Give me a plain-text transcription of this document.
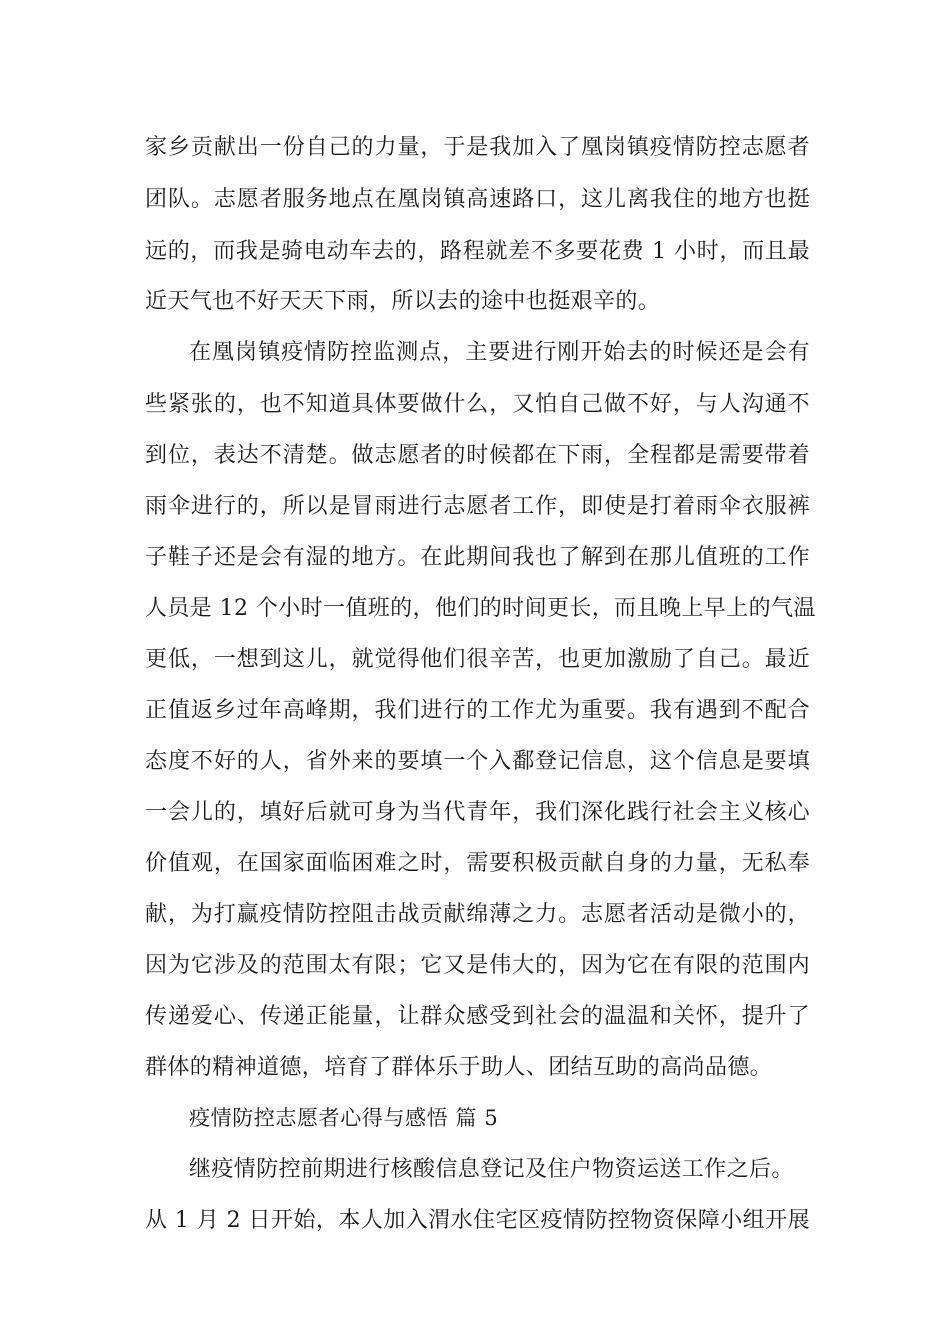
家乡贡献出一份自己的力量，于是我加入了凰岗镇疫情防控志愿者

团队。志愿者服务地点在凰岗镇高速路口，这儿离我住的地方也挺

远的，而我是骑电动车去的，路程就差不多要花费 1 小时，而且最

近天气也不好天天下雨，所以去的途中也挺艰辛的。

在凰岗镇疫情防控监测点，主要进行刚开始去的时候还是会有

些紧张的，也不知道具体要做什么，又怕自己做不好，与人沟通不

到位，表达不清楚。做志愿者的时候都在下雨，全程都是需要带着

雨伞进行的，所以是冒雨进行志愿者工作，即使是打着雨伞衣服裤

子鞋子还是会有湿的地方。在此期间我也了解到在那儿值班的工作

人员是 12 个小时一值班的，他们的时间更长，而且晚上早上的气温

更低，一想到这儿，就觉得他们很辛苦，也更加激励了自己。最近

正值返乡过年高峰期，我们进行的工作尤为重要。我有遇到不配合

态度不好的人，省外来的要填一个入鄱登记信息，这个信息是要填

一会儿的，填好后就可身为当代青年，我们深化践行社会主义核心

价值观，在国家面临困难之时，需要积极贡献自身的力量，无私奉

献，为打赢疫情防控阻击战贡献绵薄之力。志愿者活动是微小的，

因为它涉及的范围太有限；它又是伟大的，因为它在有限的范围内

传递爱心、传递正能量，让群众感受到社会的温温和关怀，提升了

群体的精神道德，培育了群体乐于助人、团结互助的高尚品德。

疫情防控志愿者心得与感悟 篇 5

继疫情防控前期进行核酸信息登记及住户物资运送工作之后。

从 1 月 2 日开始，本人加入渭水住宅区疫情防控物资保障小组开展
